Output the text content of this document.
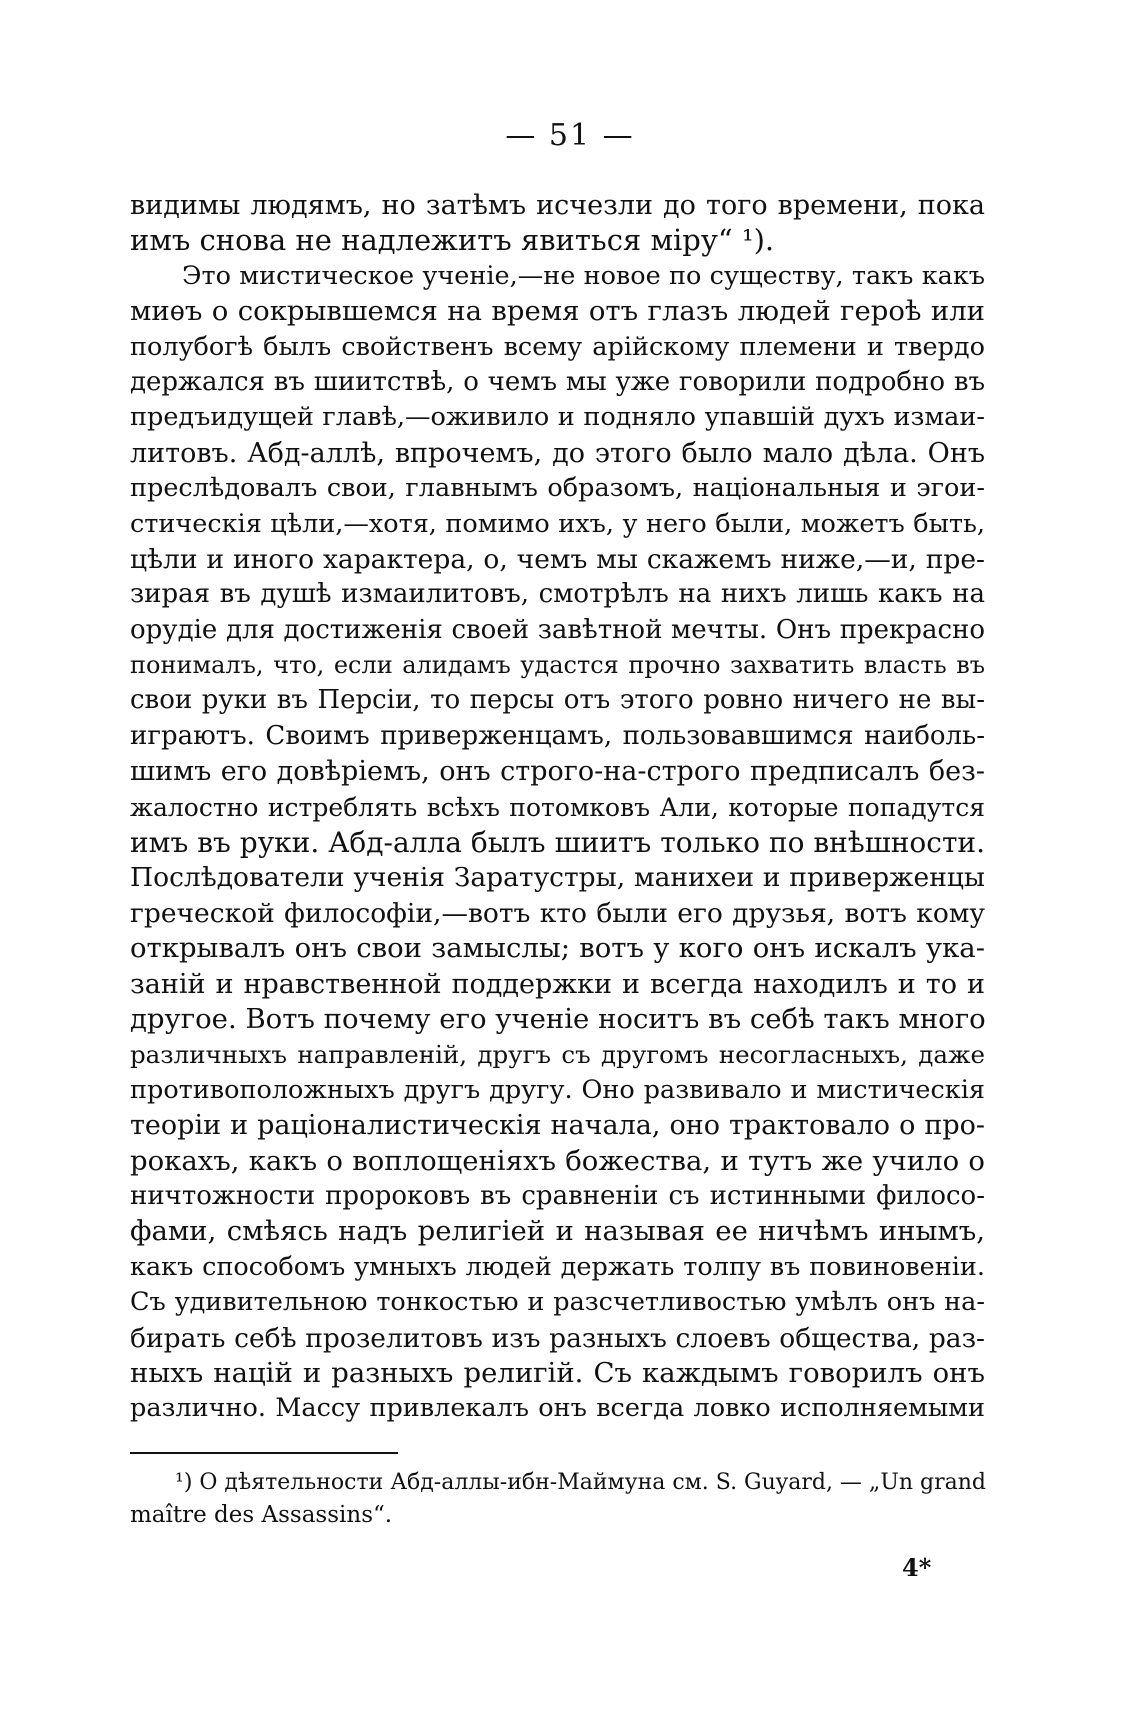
— 51 —
видимы людямъ, но затѣмъ исчезли до того времени, пока
имъ снова не надлежитъ явиться міру“ ¹).
Это мистическое ученіе,—не новое по существу, такъ какъ
миѳъ о сокрывшемся на время отъ глазъ людей героѣ или
полубогѣ былъ свойственъ всему арійскому племени и твердо
держался въ шиитствѣ, о чемъ мы уже говорили подробно въ
предъидущей главѣ,—оживило и подняло упавшій духъ измаи-
литовъ. Абд-аллѣ, впрочемъ, до этого было мало дѣла. Онъ
преслѣдовалъ свои, главнымъ образомъ, національныя и эгои-
стическія цѣли,—хотя, помимо ихъ, у него были, можетъ быть,
цѣли и иного характера, о, чемъ мы скажемъ ниже,—и, пре-
зирая въ душѣ измаилитовъ, смотрѣлъ на нихъ лишь какъ на
орудіе для достиженія своей завѣтной мечты. Онъ прекрасно
понималъ, что, если алидамъ удастся прочно захватить власть въ
свои руки въ Персіи, то персы отъ этого ровно ничего не вы-
играютъ. Своимъ приверженцамъ, пользовавшимся наиболь-
шимъ его довѣріемъ, онъ строго-на-строго предписалъ без-
жалостно истреблять всѣхъ потомковъ Али, которые попадутся
имъ въ руки. Абд-алла былъ шиитъ только по внѣшности.
Послѣдователи ученія Заратустры, манихеи и приверженцы
греческой философіи,—вотъ кто были его друзья, вотъ кому
открывалъ онъ свои замыслы; вотъ у кого онъ искалъ ука-
заній и нравственной поддержки и всегда находилъ и то и
другое. Вотъ почему его ученіе носитъ въ себѣ такъ много
различныхъ направленій, другъ съ другомъ несогласныхъ, даже
противоположныхъ другъ другу. Оно развивало и мистическія
теоріи и раціоналистическія начала, оно трактовало о про-
рокахъ, какъ о воплощеніяхъ божества, и тутъ же учило о
ничтожности пророковъ въ сравненіи съ истинными филосо-
фами, смѣясь надъ религіей и называя ее ничѣмъ инымъ,
какъ способомъ умныхъ людей держать толпу въ повиновеніи.
Съ удивительною тонкостью и разсчетливостью умѣлъ онъ на-
бирать себѣ прозелитовъ изъ разныхъ слоевъ общества, раз-
ныхъ націй и разныхъ религій. Съ каждымъ говорилъ онъ
различно. Массу привлекалъ онъ всегда ловко исполняемыми
¹) О дѣятельности Абд-аллы-ибн-Маймуна см. S. Guyard, — „Un grand
maître des Assassins“.
4*
